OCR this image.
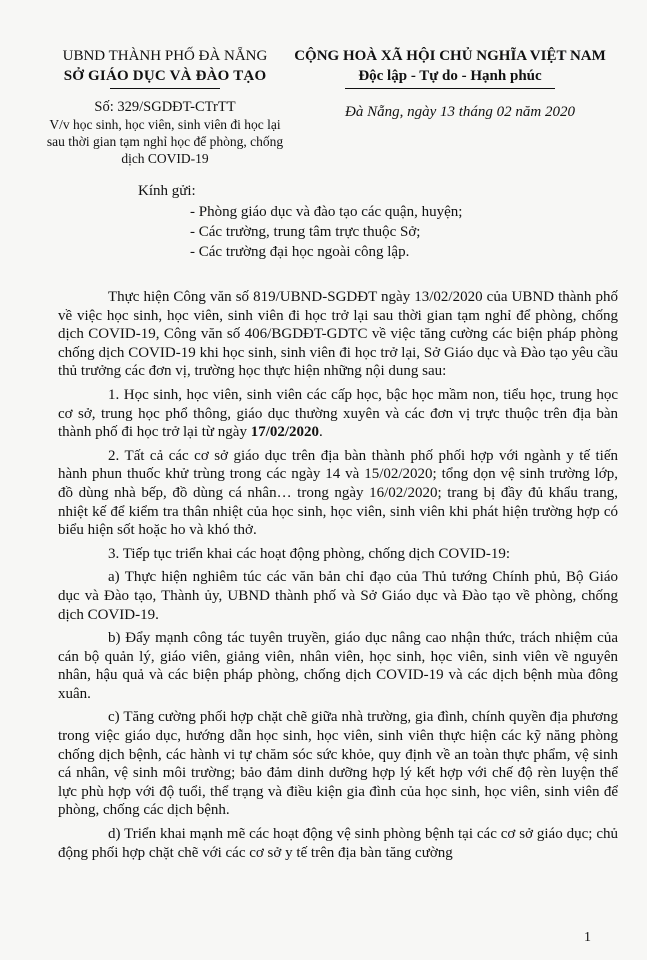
UBND THÀNH PHỐ ĐÀ NẴNG
SỞ GIÁO DỤC VÀ ĐÀO TẠO
CỘNG HOÀ XÃ HỘI CHỦ NGHĨA VIỆT NAM
Độc lập - Tự do - Hạnh phúc
Số: 329/SGDĐT-CTrTT
V/v học sinh, học viên, sinh viên đi học lại sau thời gian tạm nghỉ học để phòng, chống dịch COVID-19
Đà Nẵng, ngày 13 tháng 02 năm 2020
Kính gửi:
- Phòng giáo dục và đào tạo các quận, huyện;
- Các trường, trung tâm trực thuộc Sở;
- Các trường đại học ngoài công lập.

Thực hiện Công văn số 819/UBND-SGDĐT ngày 13/02/2020 của UBND thành phố về việc học sinh, học viên, sinh viên đi học trở lại sau thời gian tạm nghỉ để phòng, chống dịch COVID-19, Công văn số 406/BGDĐT-GDTC về việc tăng cường các biện pháp phòng chống dịch COVID-19 khi học sinh, sinh viên đi học trở lại, Sở Giáo dục và Đào tạo yêu cầu thủ trưởng các đơn vị, trường học thực hiện những nội dung sau:

1. Học sinh, học viên, sinh viên các cấp học, bậc học mầm non, tiểu học, trung học cơ sở, trung học phổ thông, giáo dục thường xuyên và các đơn vị trực thuộc trên địa bàn thành phố đi học trở lại từ ngày 17/02/2020.

2. Tất cả các cơ sở giáo dục trên địa bàn thành phố phối hợp với ngành y tế tiến hành phun thuốc khử trùng trong các ngày 14 và 15/02/2020; tổng dọn vệ sinh trường lớp, đồ dùng nhà bếp, đồ dùng cá nhân… trong ngày 16/02/2020; trang bị đầy đủ khẩu trang, nhiệt kế để kiểm tra thân nhiệt của học sinh, học viên, sinh viên khi phát hiện trường hợp có biểu hiện sốt hoặc ho và khó thở.

3. Tiếp tục triển khai các hoạt động phòng, chống dịch COVID-19:

a) Thực hiện nghiêm túc các văn bản chỉ đạo của Thủ tướng Chính phủ, Bộ Giáo dục và Đào tạo, Thành ủy, UBND thành phố và Sở Giáo dục và Đào tạo về phòng, chống dịch COVID-19.

b) Đẩy mạnh công tác tuyên truyền, giáo dục nâng cao nhận thức, trách nhiệm của cán bộ quản lý, giáo viên, giảng viên, nhân viên, học sinh, học viên, sinh viên về nguyên nhân, hậu quả và các biện pháp phòng, chống dịch COVID-19 và các dịch bệnh mùa đông xuân.

c) Tăng cường phối hợp chặt chẽ giữa nhà trường, gia đình, chính quyền địa phương trong việc giáo dục, hướng dẫn học sinh, học viên, sinh viên thực hiện các kỹ năng phòng chống dịch bệnh, các hành vi tự chăm sóc sức khỏe, quy định về an toàn thực phẩm, vệ sinh cá nhân, vệ sinh môi trường; bảo đảm dinh dưỡng hợp lý kết hợp với chế độ rèn luyện thể lực phù hợp với độ tuổi, thể trạng và điều kiện gia đình của học sinh, học viên, sinh viên để phòng, chống các dịch bệnh.

d) Triển khai mạnh mẽ các hoạt động vệ sinh phòng bệnh tại các cơ sở giáo dục; chủ động phối hợp chặt chẽ với các cơ sở y tế trên địa bàn tăng cường

1
